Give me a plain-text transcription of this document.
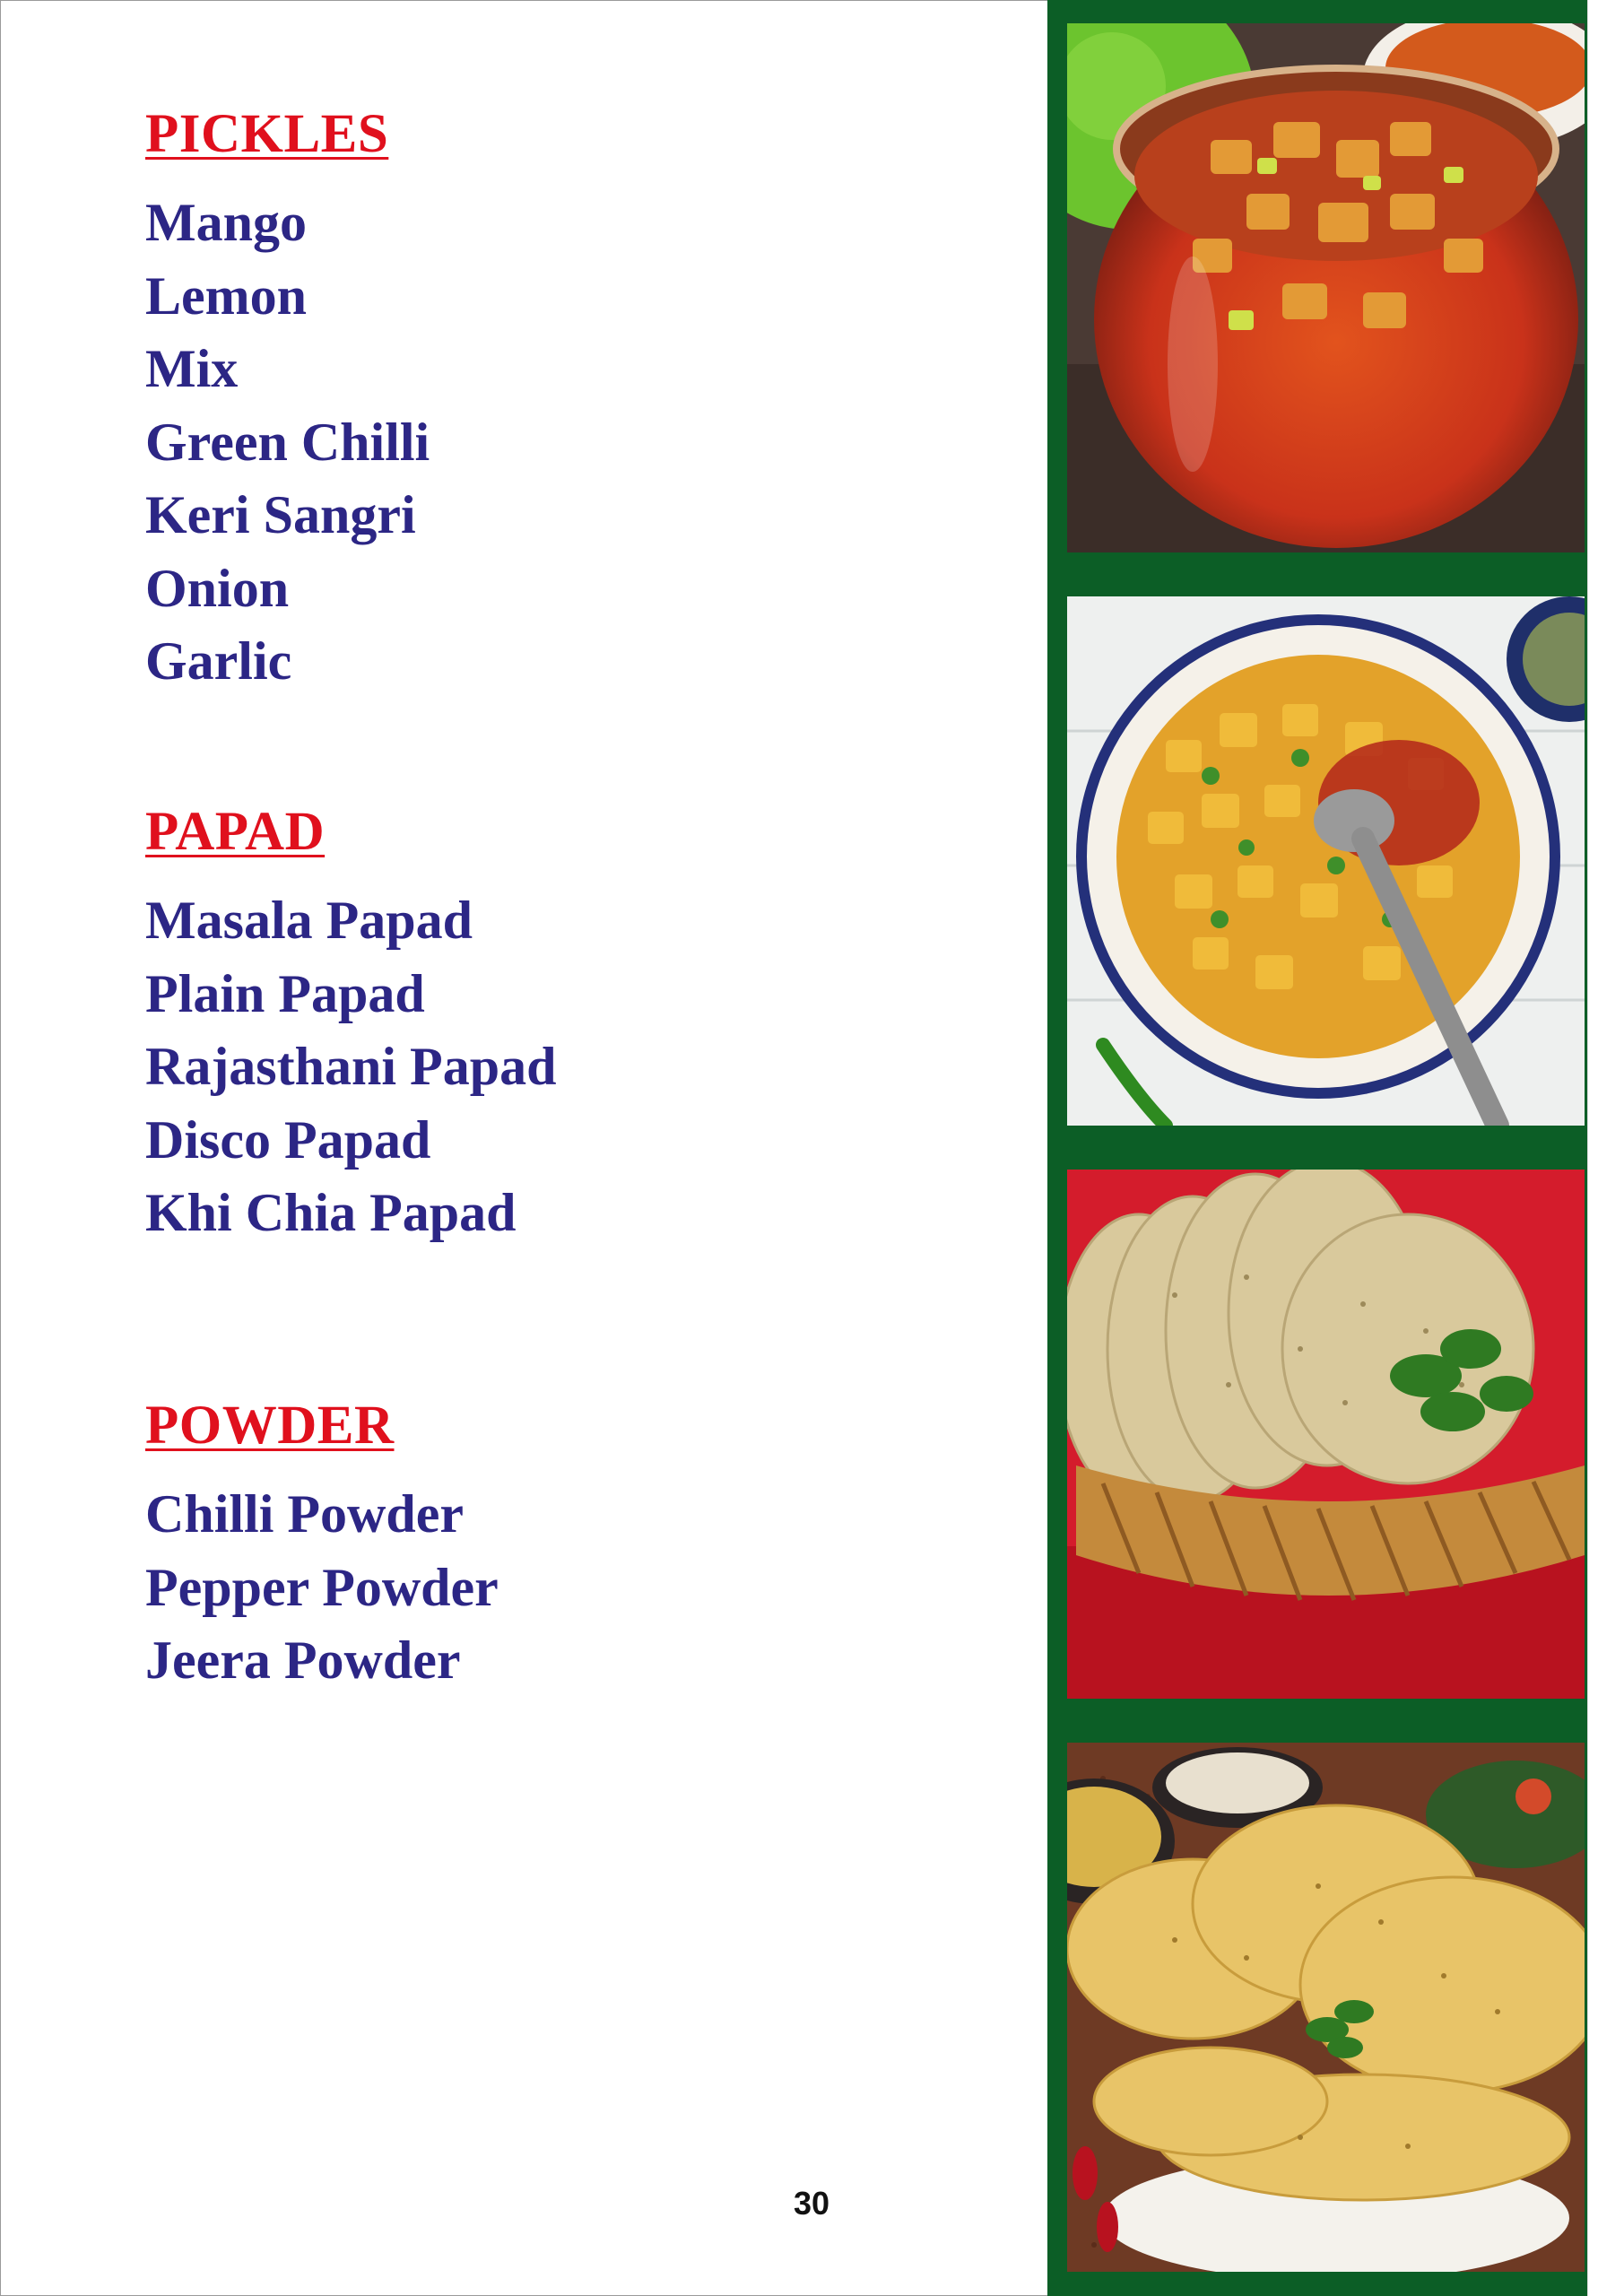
PICKLES
Mango
Lemon
Mix
Green Chilli
Keri Sangri
Onion
Garlic
PAPAD
Masala Papad
Plain Papad
Rajasthani Papad
Disco Papad
Khi Chia Papad
POWDER
Chilli Powder
Pepper Powder
Jeera Powder
30
